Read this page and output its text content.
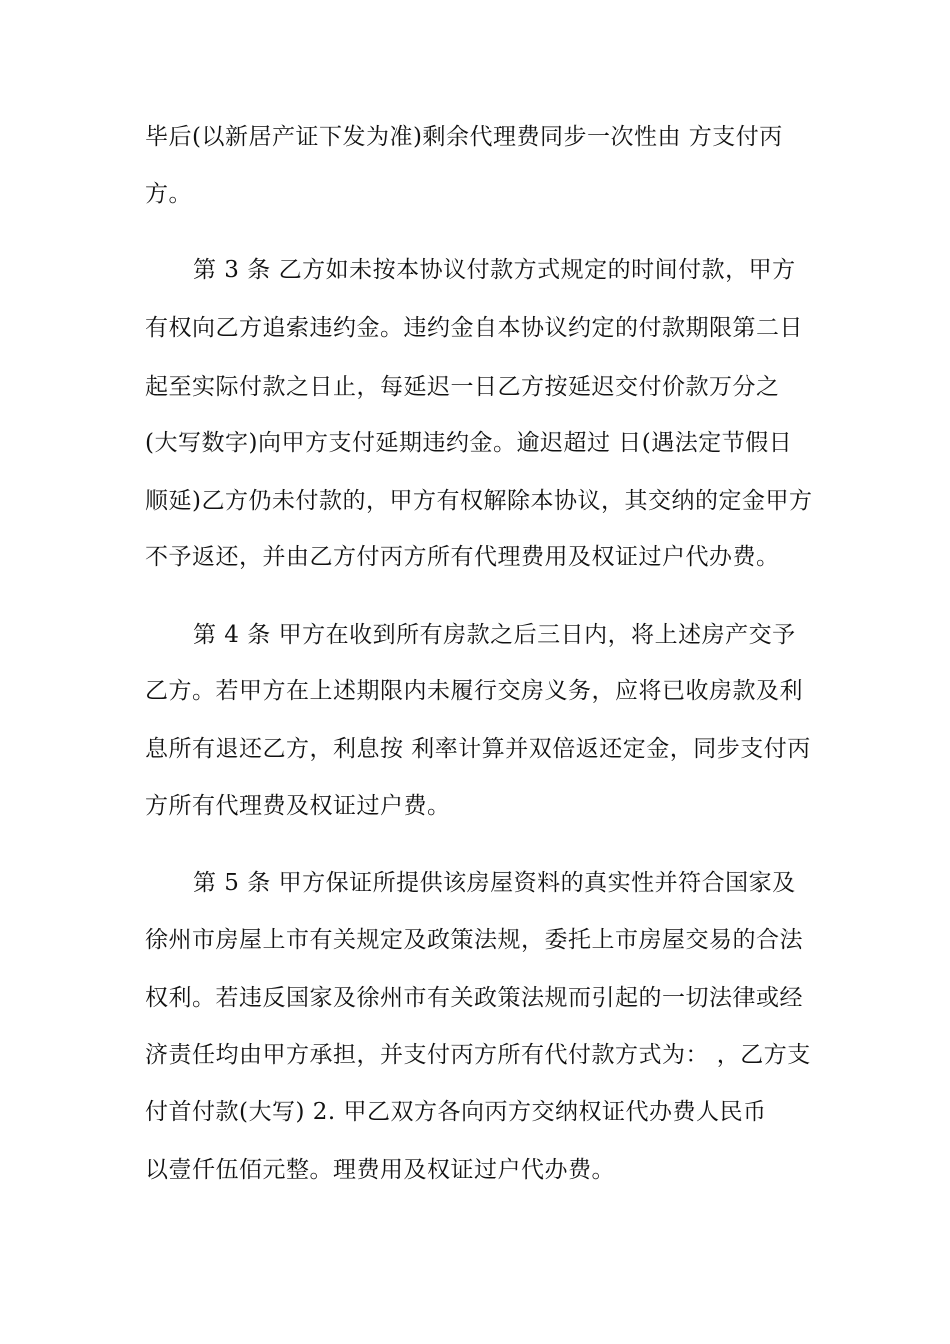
毕后(以新居产证下发为准)剩余代理费同步一次性由 方支付丙
方。
第 3 条 乙方如未按本协议付款方式规定的时间付款，甲方
有权向乙方追索违约金。违约金自本协议约定的付款期限第二日
起至实际付款之日止，每延迟一日乙方按延迟交付价款万分之
(大写数字)向甲方支付延期违约金。逾迟超过 日(遇法定节假日
顺延)乙方仍未付款的，甲方有权解除本协议，其交纳的定金甲方
不予返还，并由乙方付丙方所有代理费用及权证过户代办费。
第 4 条 甲方在收到所有房款之后三日内，将上述房产交予
乙方。若甲方在上述期限内未履行交房义务，应将已收房款及利
息所有退还乙方，利息按 利率计算并双倍返还定金，同步支付丙
方所有代理费及权证过户费。
第 5 条 甲方保证所提供该房屋资料的真实性并符合国家及
徐州市房屋上市有关规定及政策法规，委托上市房屋交易的合法
权利。若违反国家及徐州市有关政策法规而引起的一切法律或经
济责任均由甲方承担，并支付丙方所有代付款方式为： ，乙方支
付首付款(大写) 2. 甲乙双方各向丙方交纳权证代办费人民币
以壹仟伍佰元整。理费用及权证过户代办费。
